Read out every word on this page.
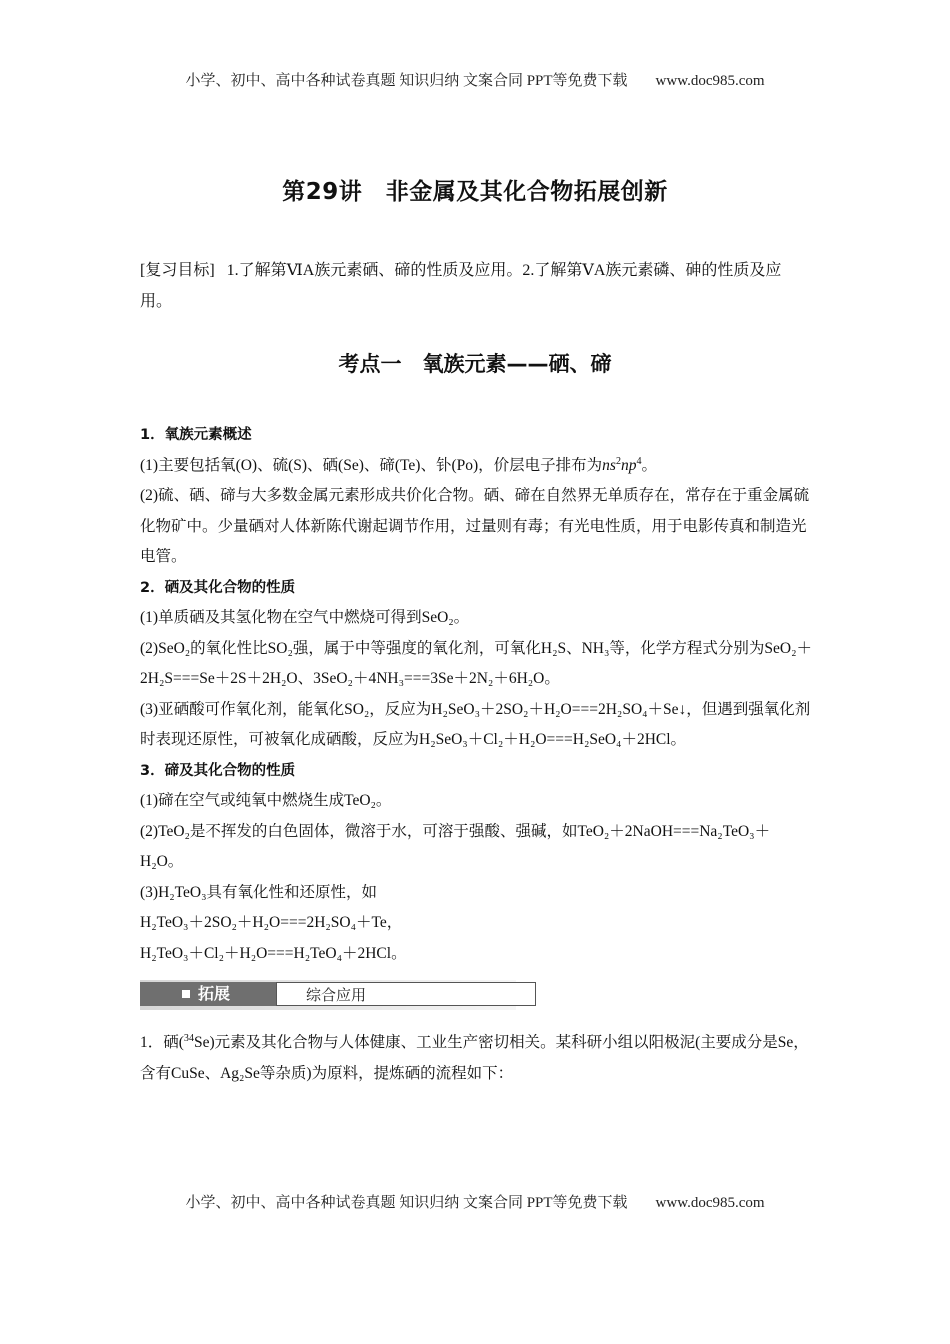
小学、初中、高中各种试卷真题 知识归纳 文案合同 PPT等免费下载 www.doc985.com
第29讲　非金属及其化合物拓展创新
[复习目标] 1.了解第ⅥA族元素硒、碲的性质及应用。2.了解第ⅤA族元素磷、砷的性质及应用。
考点一　氧族元素——硒、碲

1．氧族元素概述

(1)主要包括氧(O)、硫(S)、硒(Se)、碲(Te)、钋(Po)，价层电子排布为$ns^2np^4$。

(2)硫、硒、碲与大多数金属元素形成共价化合物。硒、碲在自然界无单质存在，常存在于重金属硫化物矿中。少量硒对人体新陈代谢起调节作用，过量则有毒；有光电性质，用于电影传真和制造光电管。

2．硒及其化合物的性质

(1)单质硒及其氢化物在空气中燃烧可得到SeO₂。

(2)SeO₂的氧化性比SO₂强，属于中等强度的氧化剂，可氧化H₂S、NH₃等，化学方程式分别为SeO₂＋2H₂S===Se＋2S＋2H₂O、3SeO₂＋4NH₃===3Se＋2N₂＋6H₂O。

(3)亚硒酸可作氧化剂，能氧化SO₂，反应为H₂SeO₃＋2SO₂＋H₂O===2H₂SO₄＋Se↓，但遇到强氧化剂时表现还原性，可被氧化成硒酸，反应为H₂SeO₃＋Cl₂＋H₂O===H₂SeO₄＋2HCl。

3．碲及其化合物的性质

(1)碲在空气或纯氧中燃烧生成TeO₂。

(2)TeO₂是不挥发的白色固体，微溶于水，可溶于强酸、强碱，如TeO₂＋2NaOH===Na₂TeO₃＋H₂O。

(3)H₂TeO₃具有氧化性和还原性，如

H₂TeO₃＋2SO₂＋H₂O===2H₂SO₄＋Te，

H₂TeO₃＋Cl₂＋H₂O===H₂TeO₄＋2HCl。

拓展	综合应用

1．硒($^{34}$Se)元素及其化合物与人体健康、工业生产密切相关。某科研小组以阳极泥(主要成分是Se，含有CuSe、Ag₂Se等杂质)为原料，提炼硒的流程如下：

小学、初中、高中各种试卷真题 知识归纳 文案合同 PPT等免费下载 www.doc985.com
